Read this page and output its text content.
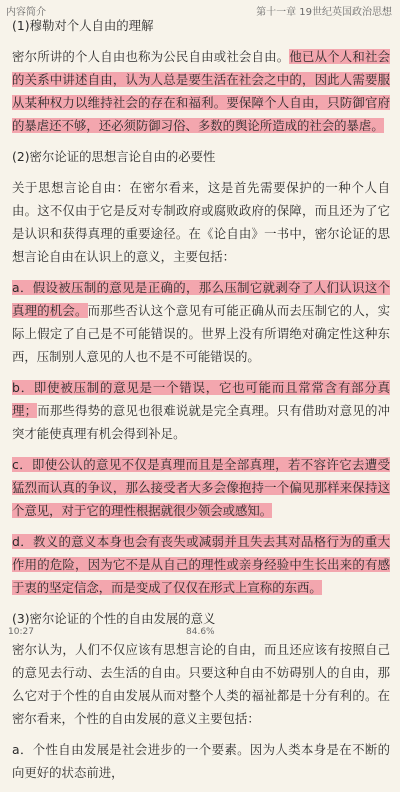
内容简介	第十一章 19世纪英国政治思想

(1)穆勒对个人自由的理解

密尔所讲的个人自由也称为公民自由或社会自由。他已从个人和社会的关系中讲述自由，认为人总是要生活在社会之中的，因此人需要服从某种权力以维持社会的存在和福利。要保障个人自由，只防御官府的暴虐还不够，还必须防御习俗、多数的舆论所造成的社会的暴虐。

(2)密尔论证的思想言论自由的必要性

关于思想言论自由：在密尔看来，这是首先需要保护的一种个人自由。这不仅由于它是反对专制政府或腐败政府的保障，而且还为了它是认识和获得真理的重要途径。在《论自由》一书中，密尔论证的思想言论自由在认识上的意义，主要包括：

a．假设被压制的意见是正确的，那么压制它就剥夺了人们认识这个真理的机会。而那些否认这个意见有可能正确从而去压制它的人，实际上假定了自己是不可能错误的。世界上没有所谓绝对确定性这种东西，压制别人意见的人也不是不可能错误的。

b．即使被压制的意见是一个错误，它也可能而且常常含有部分真理；而那些得势的意见也很难说就是完全真理。只有借助对意见的冲突才能使真理有机会得到补足。

c．即使公认的意见不仅是真理而且是全部真理，若不容许它去遭受猛烈而认真的争议，那么接受者大多会像抱持一个偏见那样来保持这个意见，对于它的理性根据就很少领会或感知。

d．教义的意义本身也会有丧失或减弱并且失去其对品格行为的重大作用的危险，因为它不是从自己的理性或亲身经验中生长出来的有感于衷的坚定信念，而是变成了仅仅在形式上宣称的东西。

(3)密尔论证的个性的自由发展的意义

密尔认为，人们不仅应该有思想言论的自由，而且还应该有按照自己的意见去行动、去生活的自由。只要这种自由不妨碍别人的自由，那么它对于个性的自由发展从而对整个人类的福祉都是十分有利的。在密尔看来，个性的自由发展的意义主要包括：

a．个性自由发展是社会进步的一个要素。因为人类本身是在不断的向更好的状态前进，

10:27	84.6%
